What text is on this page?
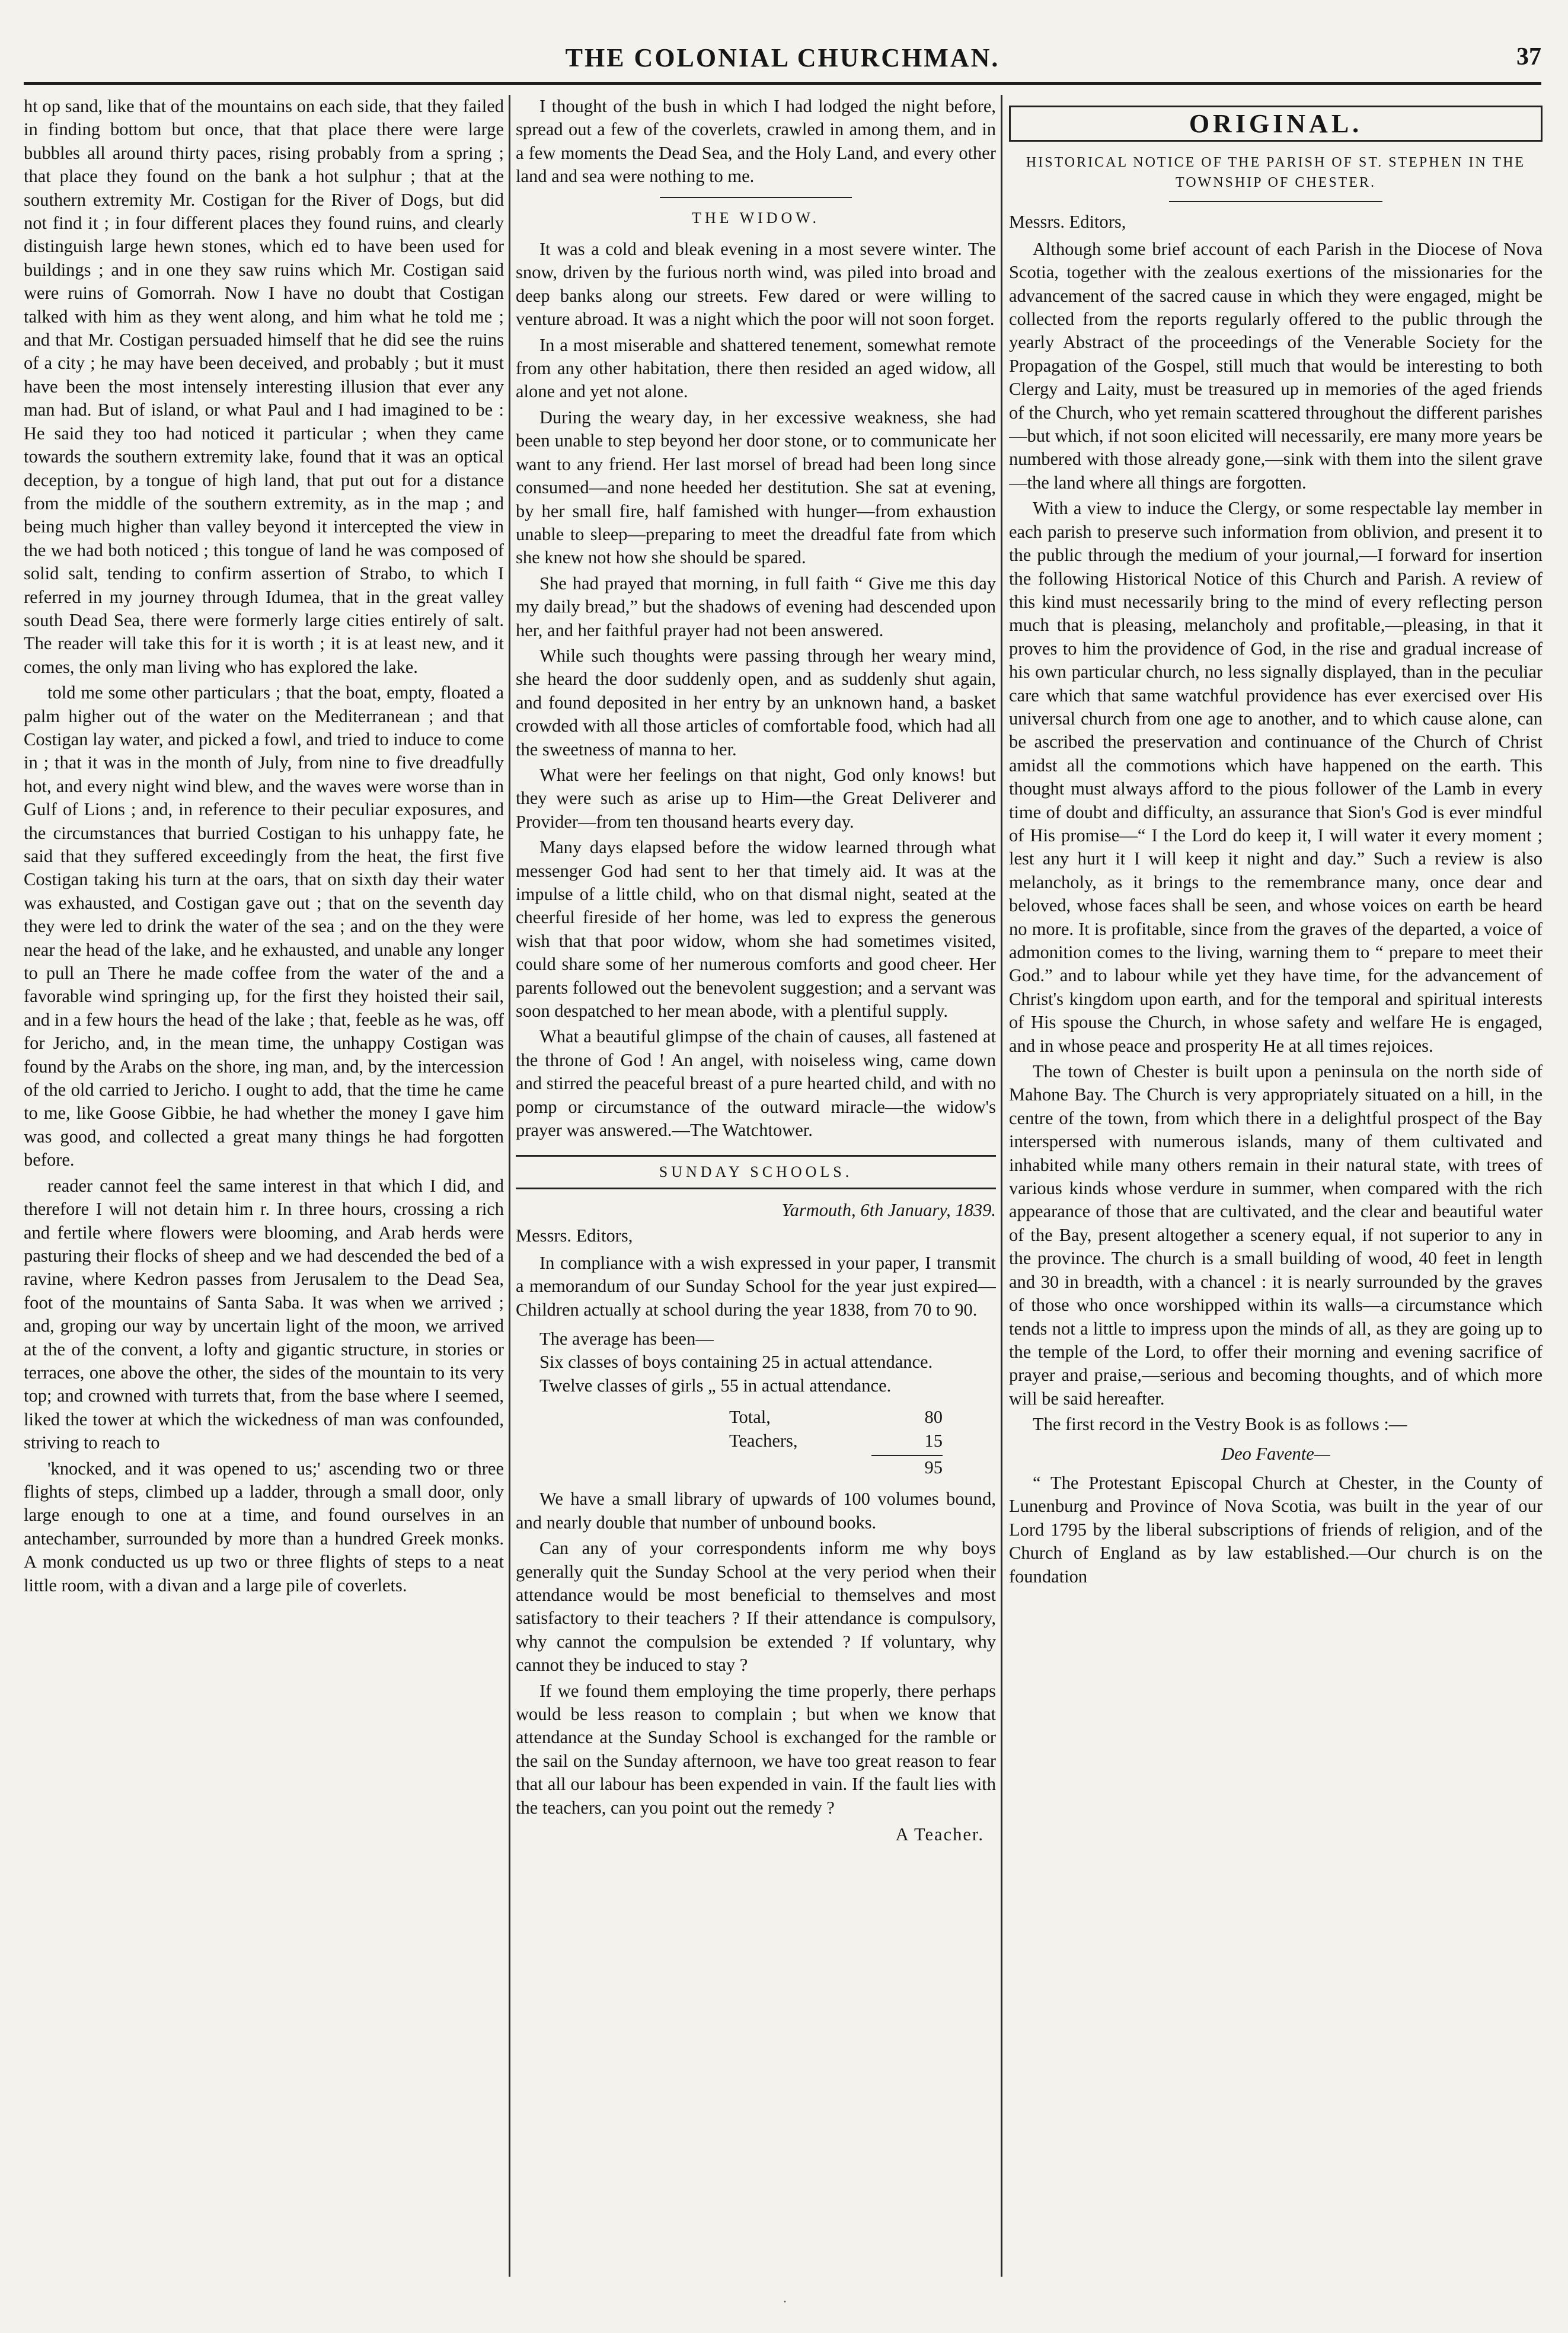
THE COLONIAL CHURCHMAN.	37

ht op sand, like that of the mountains on each side, that they failed in finding bottom but once, that that place there were large bubbles all around thirty paces, rising probably from a spring ; that place they found on the bank a hot sulphur ; that at the southern extremity Mr. Costigan for the River of Dogs, but did not find it ; in four different places they found ruins, and clearly distinguish large hewn stones, which ed to have been used for buildings ; and in one they saw ruins which Mr. Costigan said were ruins of Gomorrah. Now I have no doubt that Costigan talked with him as they went along, and him what he told me ; and that Mr. Costigan persuaded himself that he did see the ruins of a city ; he may have been deceived, and probably ; but it must have been the most intensely interesting illusion that ever any man had. But of island, or what Paul and I had imagined to be : He said they too had noticed it particular ; when they came towards the southern extremity lake, found that it was an optical deception, by a tongue of high land, that put out for a distance from the middle of the southern extremity, as in the map ; and being much higher than valley beyond it intercepted the view in the we had both noticed ; this tongue of land he was composed of solid salt, tending to confirm assertion of Strabo, to which I referred in my journey through Idumea, that in the great valley south Dead Sea, there were formerly large cities entirely of salt. The reader will take this for it is worth ; it is at least new, and it comes, the only man living who has explored the lake.

told me some other particulars ; that the boat, empty, floated a palm higher out of the water on the Mediterranean ; and that Costigan lay water, and picked a fowl, and tried to induce to come in ; that it was in the month of July, from nine to five dreadfully hot, and every night wind blew, and the waves were worse than in Gulf of Lions ; and, in reference to their peculiar exposures, and the circumstances that burried Costigan to his unhappy fate, he said that they suffered exceedingly from the heat, the first five Costigan taking his turn at the oars, that on sixth day their water was exhausted, and Costigan gave out ; that on the seventh day they were led to drink the water of the sea ; and on the they were near the head of the lake, and he exhausted, and unable any longer to pull an There he made coffee from the water of the and a favorable wind springing up, for the first they hoisted their sail, and in a few hours the head of the lake ; that, feeble as he was, off for Jericho, and, in the mean time, the unhappy Costigan was found by the Arabs on the shore, ing man, and, by the intercession of the old carried to Jericho. I ought to add, that the time he came to me, like Goose Gibbie, he had whether the money I gave him was good, and collected a great many things he had forgotten before.

reader cannot feel the same interest in that which I did, and therefore I will not detain him r. In three hours, crossing a rich and fertile where flowers were blooming, and Arab herds were pasturing their flocks of sheep and we had descended the bed of a ravine, where Kedron passes from Jerusalem to the Dead Sea, foot of the mountains of Santa Saba. It was when we arrived ; and, groping our way by uncertain light of the moon, we arrived at the of the convent, a lofty and gigantic structure, in stories or terraces, one above the other, the sides of the mountain to its very top; and crowned with turrets that, from the base where I seemed, liked the tower at which the wickedness of man was confounded, striving to reach to

'knocked, and it was opened to us;' ascending two or three flights of steps, climbed up a ladder, through a small door, only large enough to one at a time, and found ourselves in an antechamber, surrounded by more than a hundred Greek monks. A monk conducted us up two or three flights of steps to a neat little room, with a divan and a large pile of coverlets.

I thought of the bush in which I had lodged the night before, spread out a few of the coverlets, crawled in among them, and in a few moments the Dead Sea, and the Holy Land, and every other land and sea were nothing to me.

THE WIDOW.

It was a cold and bleak evening in a most severe winter. The snow, driven by the furious north wind, was piled into broad and deep banks along our streets. Few dared or were willing to venture abroad. It was a night which the poor will not soon forget.

In a most miserable and shattered tenement, somewhat remote from any other habitation, there then resided an aged widow, all alone and yet not alone.

During the weary day, in her excessive weakness, she had been unable to step beyond her door stone, or to communicate her want to any friend. Her last morsel of bread had been long since consumed—and none heeded her destitution. She sat at evening, by her small fire, half famished with hunger—from exhaustion unable to sleep—preparing to meet the dreadful fate from which she knew not how she should be spared.

She had prayed that morning, in full faith “ Give me this day my daily bread,” but the shadows of evening had descended upon her, and her faithful prayer had not been answered.

While such thoughts were passing through her weary mind, she heard the door suddenly open, and as suddenly shut again, and found deposited in her entry by an unknown hand, a basket crowded with all those articles of comfortable food, which had all the sweetness of manna to her.

What were her feelings on that night, God only knows! but they were such as arise up to Him—the Great Deliverer and Provider—from ten thousand hearts every day.

Many days elapsed before the widow learned through what messenger God had sent to her that timely aid. It was at the impulse of a little child, who on that dismal night, seated at the cheerful fireside of her home, was led to express the generous wish that that poor widow, whom she had sometimes visited, could share some of her numerous comforts and good cheer. Her parents followed out the benevolent suggestion; and a servant was soon despatched to her mean abode, with a plentiful supply.

What a beautiful glimpse of the chain of causes, all fastened at the throne of God ! An angel, with noiseless wing, came down and stirred the peaceful breast of a pure hearted child, and with no pomp or circumstance of the outward miracle—the widow's prayer was answered.—The Watchtower.

SUNDAY SCHOOLS.
Yarmouth, 6th January, 1839.

Messrs. Editors,

In compliance with a wish expressed in your paper, I transmit a memorandum of our Sunday School for the year just expired—Children actually at school during the year 1838, from 70 to 90.

The average has been—
Six classes of boys containing 25 in actual attendance.
Twelve classes of girls „ 55 in actual attendance.
Total,	80
Teachers,	15
95

We have a small library of upwards of 100 volumes bound, and nearly double that number of unbound books.

Can any of your correspondents inform me why boys generally quit the Sunday School at the very period when their attendance would be most beneficial to themselves and most satisfactory to their teachers ? If their attendance is compulsory, why cannot the compulsion be extended ? If voluntary, why cannot they be induced to stay ?

If we found them employing the time properly, there perhaps would be less reason to complain ; but when we know that attendance at the Sunday School is exchanged for the ramble or the sail on the Sunday afternoon, we have too great reason to fear that all our labour has been expended in vain. If the fault lies with the teachers, can you point out the remedy ?

A Teacher.
ORIGINAL.
HISTORICAL NOTICE OF THE PARISH OF ST. STEPHEN IN THE TOWNSHIP OF CHESTER.

Messrs. Editors,

Although some brief account of each Parish in the Diocese of Nova Scotia, together with the zealous exertions of the missionaries for the advancement of the sacred cause in which they were engaged, might be collected from the reports regularly offered to the public through the yearly Abstract of the proceedings of the Venerable Society for the Propagation of the Gospel, still much that would be interesting to both Clergy and Laity, must be treasured up in memories of the aged friends of the Church, who yet remain scattered throughout the different parishes —but which, if not soon elicited will necessarily, ere many more years be numbered with those already gone,—sink with them into the silent grave—the land where all things are forgotten.

With a view to induce the Clergy, or some respectable lay member in each parish to preserve such information from oblivion, and present it to the public through the medium of your journal,—I forward for insertion the following Historical Notice of this Church and Parish. A review of this kind must necessarily bring to the mind of every reflecting person much that is pleasing, melancholy and profitable,—pleasing, in that it proves to him the providence of God, in the rise and gradual increase of his own particular church, no less signally displayed, than in the peculiar care which that same watchful providence has ever exercised over His universal church from one age to another, and to which cause alone, can be ascribed the preservation and continuance of the Church of Christ amidst all the commotions which have happened on the earth. This thought must always afford to the pious follower of the Lamb in every time of doubt and difficulty, an assurance that Sion's God is ever mindful of His promise—“ I the Lord do keep it, I will water it every moment ; lest any hurt it I will keep it night and day.” Such a review is also melancholy, as it brings to the remembrance many, once dear and beloved, whose faces shall be seen, and whose voices on earth be heard no more. It is profitable, since from the graves of the departed, a voice of admonition comes to the living, warning them to “ prepare to meet their God.” and to labour while yet they have time, for the advancement of Christ's kingdom upon earth, and for the temporal and spiritual interests of His spouse the Church, in whose safety and welfare He is engaged, and in whose peace and prosperity He at all times rejoices.

The town of Chester is built upon a peninsula on the north side of Mahone Bay. The Church is very appropriately situated on a hill, in the centre of the town, from which there in a delightful prospect of the Bay interspersed with numerous islands, many of them cultivated and inhabited while many others remain in their natural state, with trees of various kinds whose verdure in summer, when compared with the rich appearance of those that are cultivated, and the clear and beautiful water of the Bay, present altogether a scenery equal, if not superior to any in the province. The church is a small building of wood, 40 feet in length and 30 in breadth, with a chancel : it is nearly surrounded by the graves of those who once worshipped within its walls—a circumstance which tends not a little to impress upon the minds of all, as they are going up to the temple of the Lord, to offer their morning and evening sacrifice of prayer and praise,—serious and becoming thoughts, and of which more will be said hereafter.

The first record in the Vestry Book is as follows :—

Deo Favente—

“ The Protestant Episcopal Church at Chester, in the County of Lunenburg and Province of Nova Scotia, was built in the year of our Lord 1795 by the liberal subscriptions of friends of religion, and of the Church of England as by law established.—Our church is on the foundation

·
